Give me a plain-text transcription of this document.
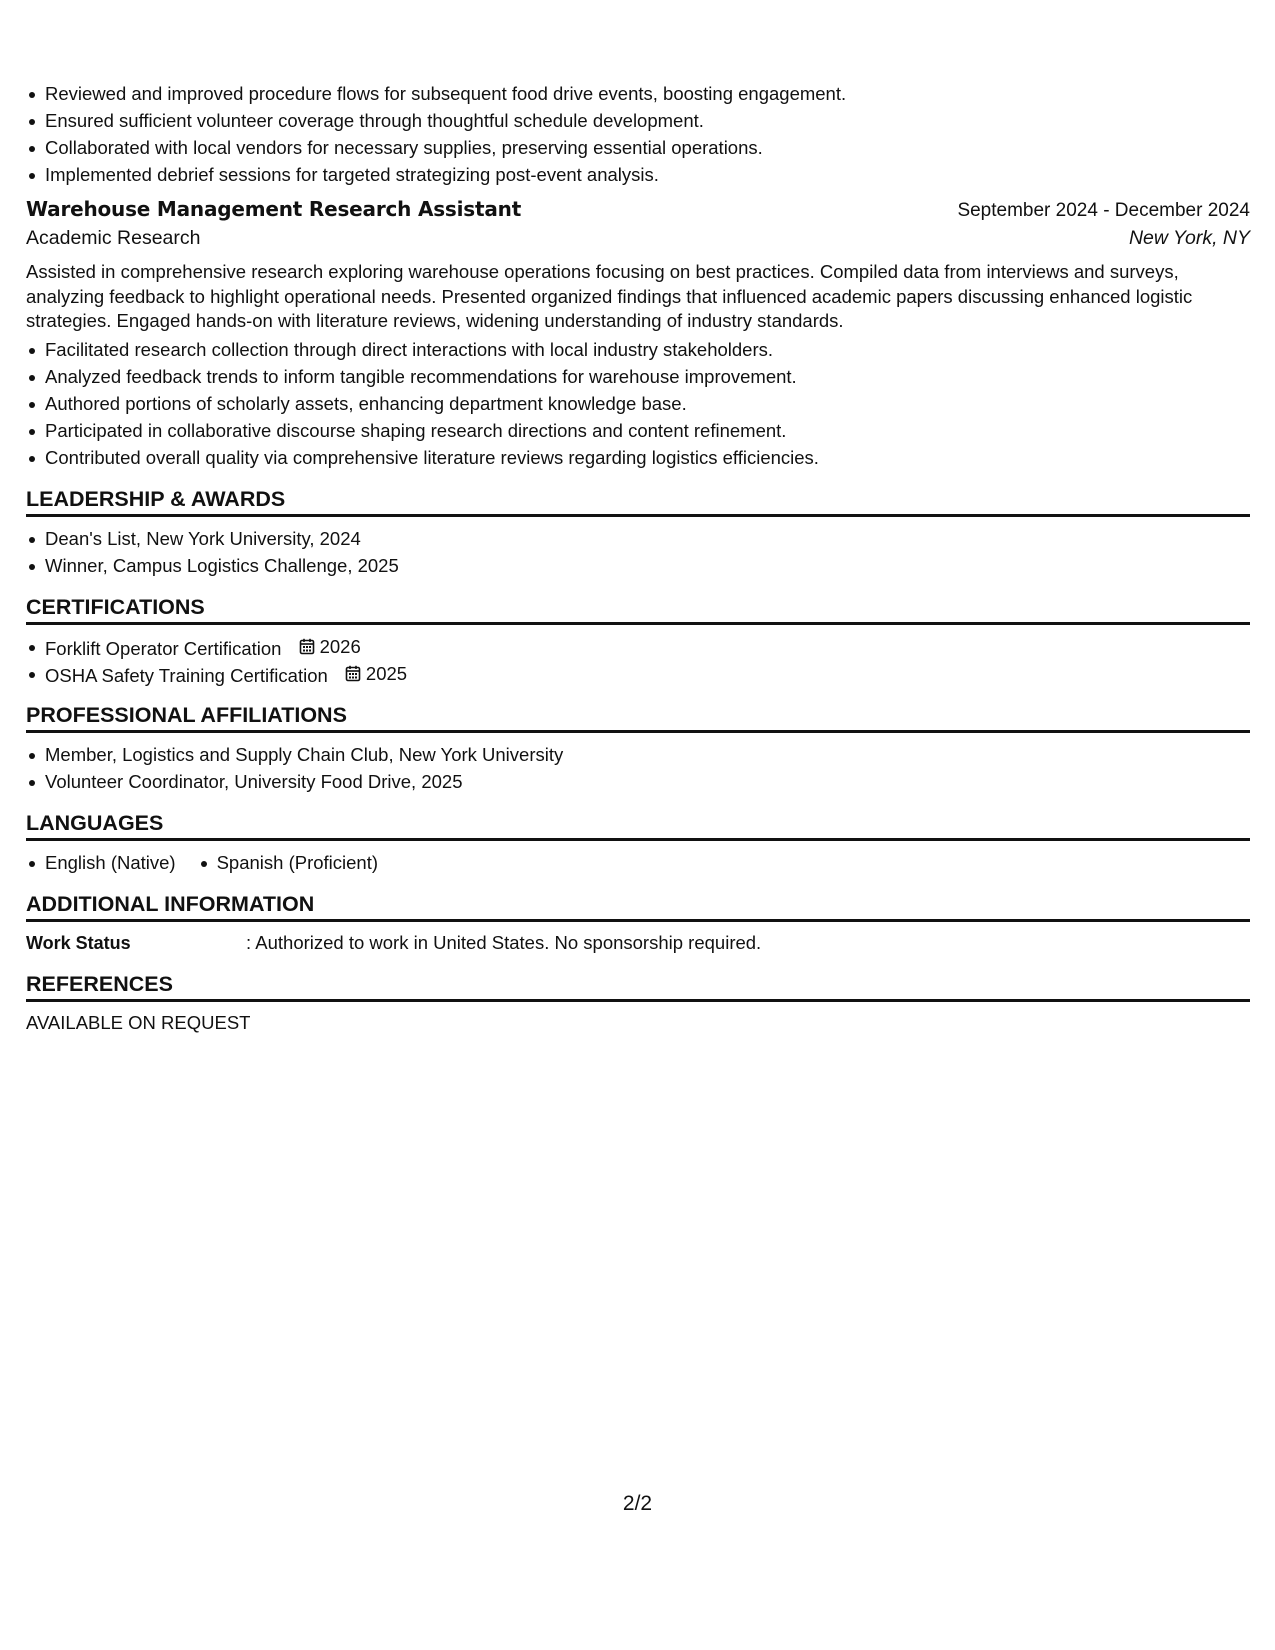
Reviewed and improved procedure flows for subsequent food drive events, boosting engagement.
Ensured sufficient volunteer coverage through thoughtful schedule development.
Collaborated with local vendors for necessary supplies, preserving essential operations.
Implemented debrief sessions for targeted strategizing post-event analysis.
Warehouse Management Research Assistant	September 2024 - December 2024
Academic Research	New York, NY
Assisted in comprehensive research exploring warehouse operations focusing on best practices. Compiled data from interviews and surveys, analyzing feedback to highlight operational needs. Presented organized findings that influenced academic papers discussing enhanced logistic strategies. Engaged hands-on with literature reviews, widening understanding of industry standards.
Facilitated research collection through direct interactions with local industry stakeholders.
Analyzed feedback trends to inform tangible recommendations for warehouse improvement.
Authored portions of scholarly assets, enhancing department knowledge base.
Participated in collaborative discourse shaping research directions and content refinement.
Contributed overall quality via comprehensive literature reviews regarding logistics efficiencies.
LEADERSHIP & AWARDS
Dean's List, New York University, 2024
Winner, Campus Logistics Challenge, 2025
CERTIFICATIONS
Forklift Operator Certification 2026
OSHA Safety Training Certification 2025
PROFESSIONAL AFFILIATIONS
Member, Logistics and Supply Chain Club, New York University
Volunteer Coordinator, University Food Drive, 2025
LANGUAGES
English (Native)	Spanish (Proficient)
ADDITIONAL INFORMATION
Work Status	: Authorized to work in United States. No sponsorship required.
REFERENCES
AVAILABLE ON REQUEST
2/2
